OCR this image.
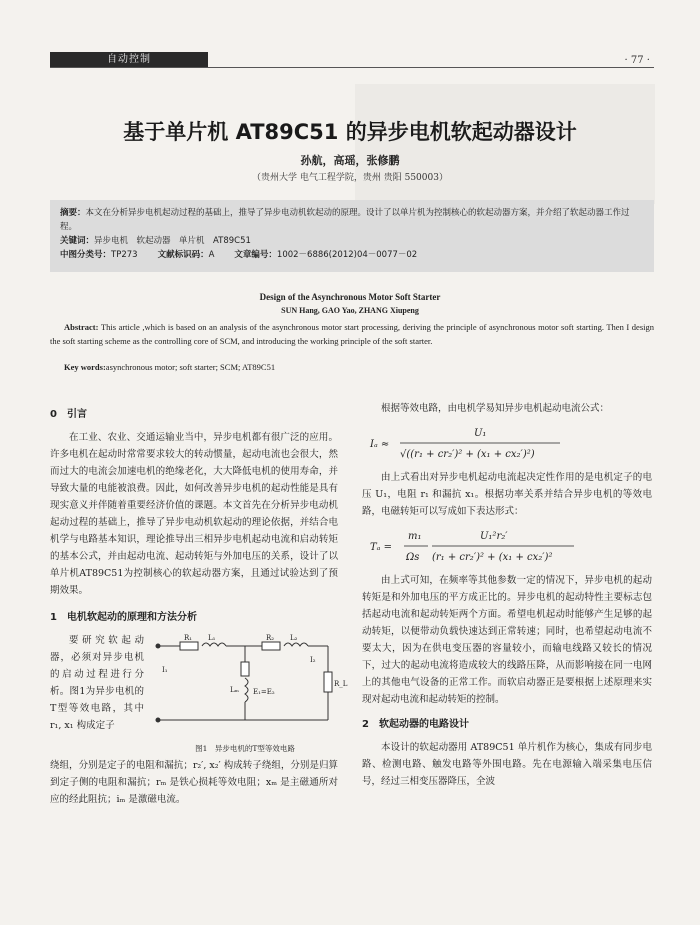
自动控制	· 77 ·
基于单片机 AT89C51 的异步电机软起动器设计
孙航，高瑶，张修鹏
（贵州大学 电气工程学院，贵州 贵阳 550003）
摘要：本文在分析异步电机起动过程的基础上，推导了异步电动机软起动的原理。设计了以单片机为控制核心的软起动器方案，并介绍了软起动器工作过程。
关键词：异步电机　软起动器　单片机　AT89C51
中图分类号：TP273 文献标识码：A 文章编号：1002－6886(2012)04－0077－02
Design of the Asynchronous Motor Soft Starter
SUN Hang, GAO Yao, ZHANG Xiupeng
Abstract: This article ,which is based on an analysis of the asynchronous motor start processing, deriving the principle of asynchronous motor soft starting. Then I design the soft starting scheme as the controlling core of SCM, and introducing the working principle of the soft starter.
Key words:asynchronous motor; soft starter; SCM; AT89C51
0　引言

在工业、农业、交通运输业当中，异步电机都有很广泛的应用。许多电机在起动时常常要求较大的转动惯量，起动电流也会很大，然而过大的电流会加速电机的绝缘老化，大大降低电机的使用寿命，并导致大量的电能被浪费。因此，如何改善异步电机的起动性能是具有现实意义并伴随着重要经济价值的课题。本文首先在分析异步电动机起动过程的基础上，推导了异步电动机软起动的理论依据，并结合电机学与电路基本知识，理论推导出三相异步电机起动电流和启动转矩的基本公式，并由起动电流、起动转矩与外加电压的关系，设计了以单片机AT89C51为控制核心的软起动器方案，且通过试验达到了预期效果。

1　电机软起动的原理和方法分析

要研究软起动器，必须对异步电机的启动过程进行分析。图1为异步电机的T型等效电路，其中 r₁, x₁ 构成定子

R₁ L₁	R₂ L₂
Lₘ E₁=E₂
R_L
I₁
I₂
图1　异步电机的T型等效电路

绕组，分别是定子的电阻和漏抗；r₂′, x₂′ 构成转子绕组，分别是归算到定子侧的电阻和漏抗；rₘ 是铁心损耗等效电阻；xₘ 是主磁通所对应的经此阻抗；iₘ 是激磁电流。

根据等效电路，由电机学易知异步电机起动电流公式：

Iₐ ≈
U₁
√((r₁ + cr₂′)² + (x₁ + cx₂′)²)

由上式看出对异步电机起动电流起决定性作用的是电机定子的电压 U₁，电阻 r₁ 和漏抗 x₁。根据功率关系并结合异步电机的等效电路，电磁转矩可以写成如下表达形式：

Tₐ =
m₁
Ωs
U₁²r₂′
(r₁ + cr₂′)² + (x₁ + cx₂′)²

由上式可知，在频率等其他参数一定的情况下，异步电机的起动转矩是和外加电压的平方成正比的。异步电机的起动特性主要标志包括起动电流和起动转矩两个方面。希望电机起动时能够产生足够的起动转矩，以便带动负载快速达到正常转速；同时，也希望起动电流不要太大，因为在供电变压器的容量较小，而输电线路又较长的情况下，过大的起动电流将造成较大的线路压降，从而影响接在同一电网上的其他电气设备的正常工作。而软启动器正是要根据上述原理来实现对起动电流和起动转矩的控制。

2　软起动器的电路设计

本设计的软起动器用 AT89C51 单片机作为核心，集成有同步电路、检测电路、触发电路等外围电路。先在电源输入端采集电压信号，经过三相变压器降压，全波
